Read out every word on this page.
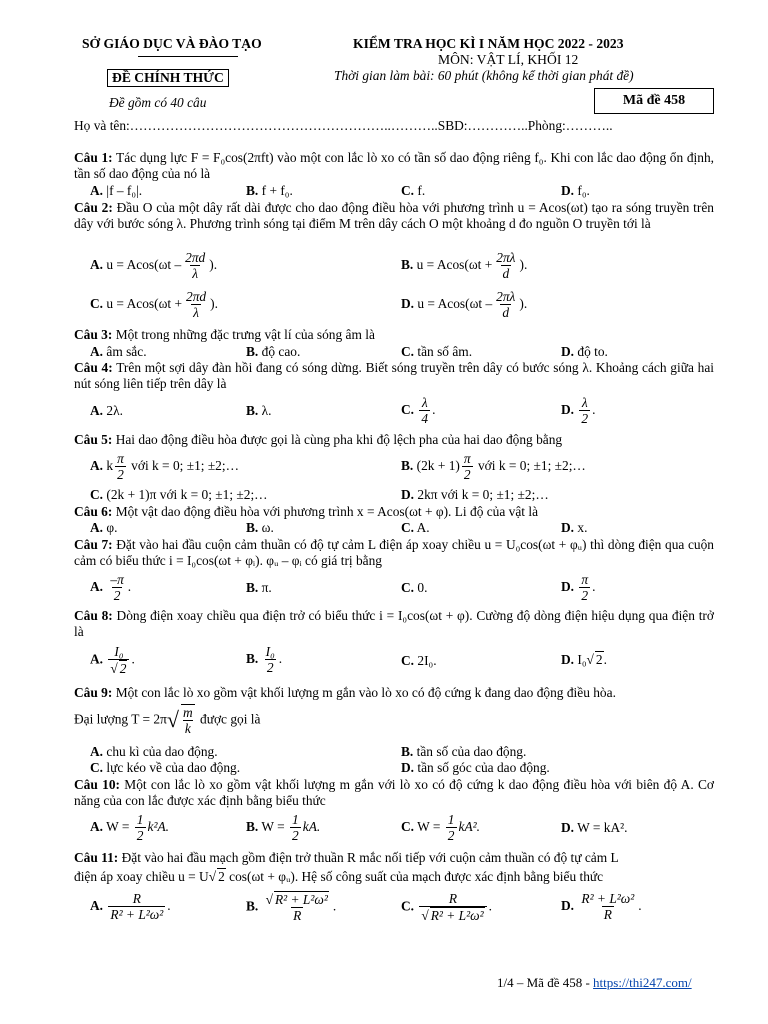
SỞ GIÁO DỤC VÀ ĐÀO TẠO
ĐỀ CHÍNH THỨC
Đề gồm có 40 câu
KIỂM TRA HỌC KÌ I NĂM HỌC 2022 - 2023
MÔN: VẬT LÍ, KHỐI 12
Thời gian làm bài: 60 phút (không kể thời gian phát đề)
Mã đề 458
Họ và tên:…………………………………………………..………..SBD:…………..Phòng:………..
Câu 1: Tác dụng lực F = F₀cos(2πft) vào một con lắc lò xo có tần số dao động riêng f₀. Khi con lắc dao động ổn định, tần số dao động của nó là
A. |f – f₀|.	B. f + f₀.	C. f.	D. f₀.
Câu 2: Đầu O của một dây rất dài được cho dao động điều hòa với phương trình u = Acos(ωt) tạo ra sóng truyền trên dây với bước sóng λ. Phương trình sóng tại điểm M trên dây cách O một khoảng d đo nguồn O truyền tới là
A. $u = Acos(\omega t - \frac{2\pi d}{\lambda}$ ).	B. $u = Acos(\omega t + \frac{2\pi\lambda}{d}$ ).
C. $u = Acos(\omega t + \frac{2\pi d}{\lambda}$ ).	D. $u = Acos(\omega t - \frac{2\pi\lambda}{d}$ ).
Câu 3: Một trong những đặc trưng vật lí của sóng âm là
A. âm sắc.	B. độ cao.	C. tần số âm.	D. độ to.
Câu 4: Trên một sợi dây đàn hồi đang có sóng dừng. Biết sóng truyền trên dây có bước sóng λ. Khoảng cách giữa hai nút sóng liên tiếp trên dây là
A. 2λ.	B. λ.	C. $\frac{\lambda}{4}$ .	D. $\frac{\lambda}{2}$ .
Câu 5: Hai dao động điều hòa được gọi là cùng pha khi độ lệch pha của hai dao động bằng
A. k $\frac{\pi}{2}$ với k = 0; ±1; ±2;…	B. $(2k + 1) \frac{\pi}{2}$ với k = 0; ±1; ±2;…
C. (2k + 1)π với k = 0; ±1; ±2;…	D. 2kπ với k = 0; ±1; ±2;…
Câu 6: Một vật dao động điều hòa với phương trình x = Acos(ωt + φ). Li độ của vật là
A. φ.	B. ω.	C. A.	D. x.
Câu 7: Đặt vào hai đầu cuộn cảm thuần có độ tự cảm L điện áp xoay chiều u = U₀cos(ωt + φᵤ) thì dòng điện qua cuộn cảm có biểu thức i = I₀cos(ωt + φᵢ). φᵤ – φᵢ có giá trị bằng
A. $\frac{-\pi}{2}$ .	B. π.	C. 0.	D. $\frac{\pi}{2}$ .
Câu 8: Dòng điện xoay chiều qua điện trở có biểu thức i = I₀cos(ωt + φ). Cường độ dòng điện hiệu dụng qua điện trở là
A. $\frac{\text{I₀}}{√ 2}$ .	B. $\frac{\text{I₀}}{2}$ .	C. 2I₀.	D. I₀√ 2.
Câu 9: Một con lắc lò xo gồm vật khối lượng m gắn vào lò xo có độ cứng k đang dao động điều hòa.
Đại lượng $T = 2\pi√ \frac{m}{k}$ được gọi là
A. chu kì của dao động.	B. tần số của dao động.
C. lực kéo về của dao động.	D. tần số góc của dao động.
Câu 10: Một con lắc lò xo gồm vật khối lượng m gắn với lò xo có độ cứng k dao động điều hòa với biên độ A. Cơ năng của con lắc được xác định bằng biểu thức
A. $W = \frac{1}{2} k^2A$.	B. $W = \frac{1}{2}$ kA.	C. $W = \frac{1}{2} kA^2$.	D. W = kA².
Câu 11: Đặt vào hai đầu mạch gồm điện trở thuần R mắc nối tiếp với cuộn cảm thuần có độ tự cảm L
điện áp xoay chiều u = U√ 2 cos(ωt + φᵤ). Hệ số công suất của mạch được xác định bằng biểu thức
A. $\frac{R}{\text{R² + L²ω²}}$ .	B. $\frac{\text{√ R² + L²ω²}}{R}$ .	C. $\frac{R}{\text{√ R² + L²ω²}}$ .	D. $\frac{\text{R² + L²ω²}}{R}$ .
1/4 – Mã đề 458 - https://thi247.com/
